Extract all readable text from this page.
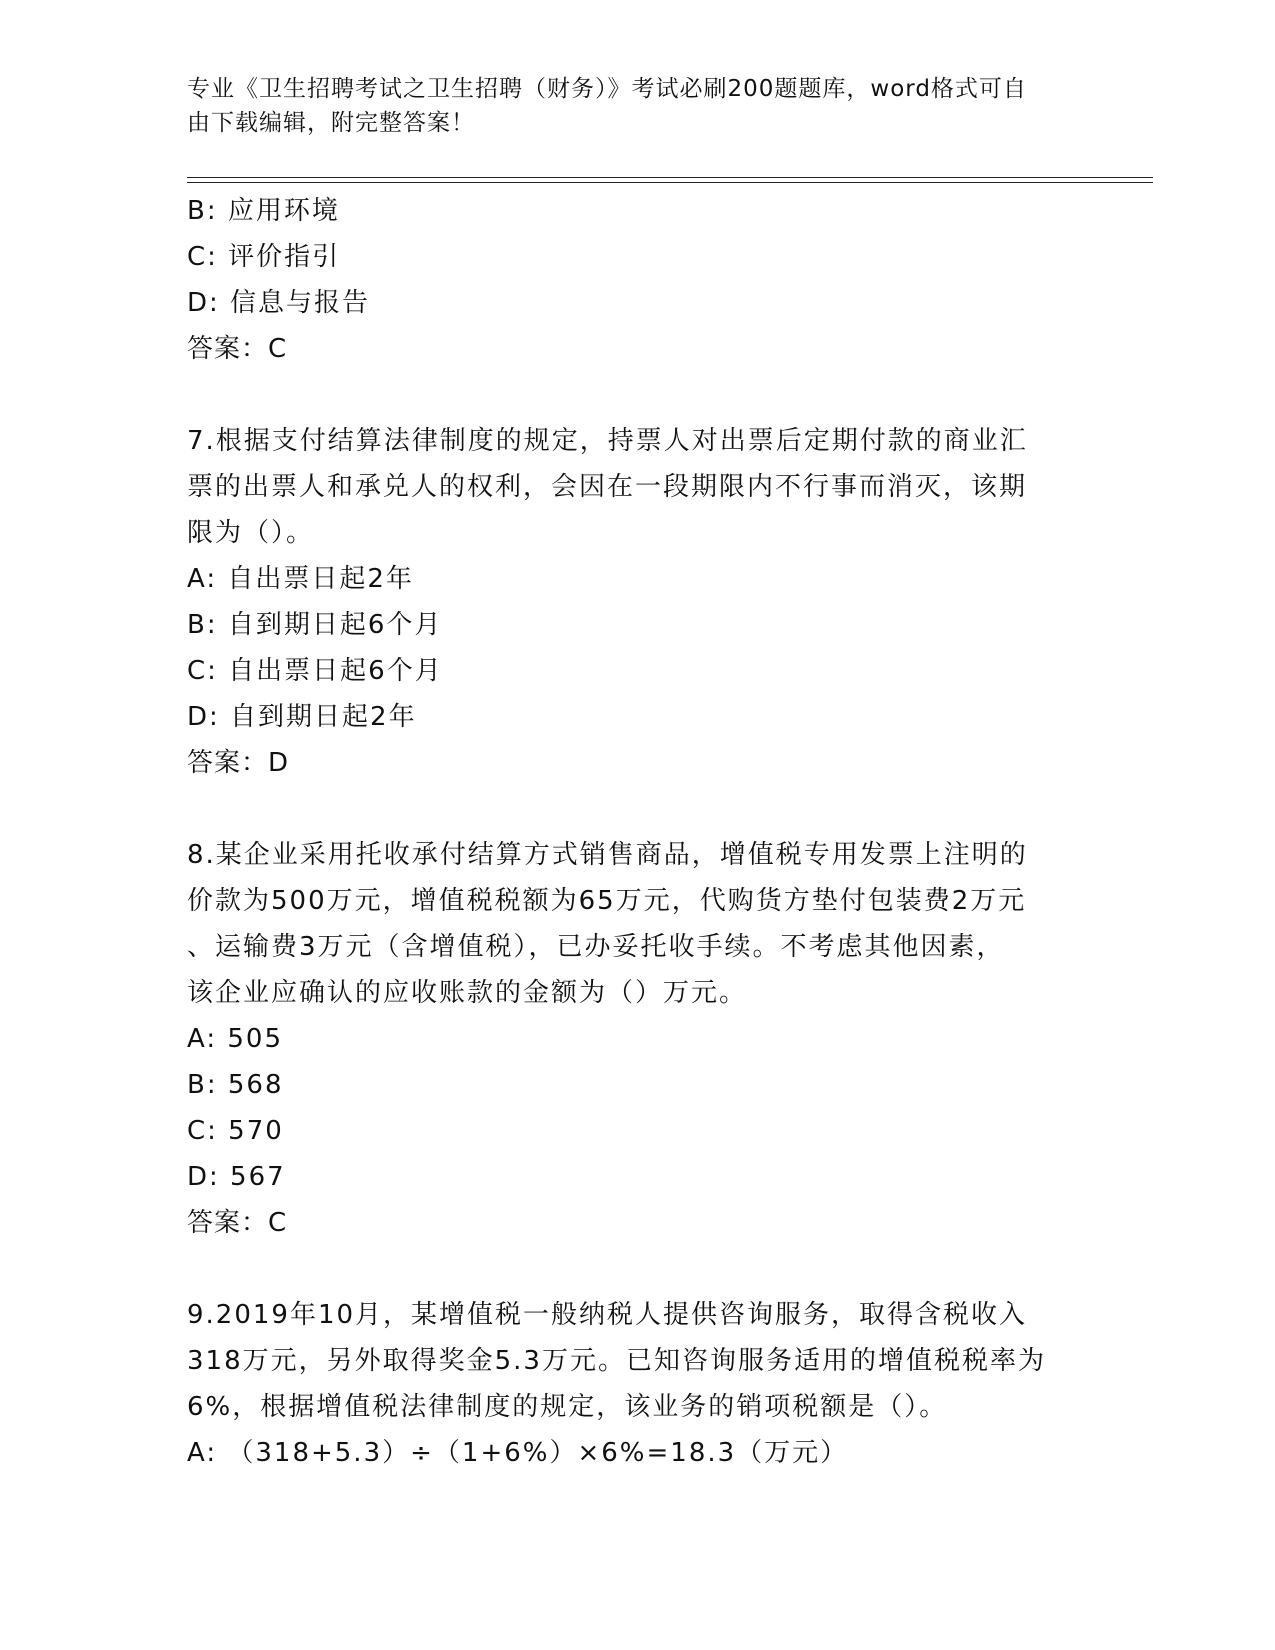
专业《卫生招聘考试之卫生招聘（财务）》考试必刷200题题库，word格式可自
由下载编辑，附完整答案！
B: 应用环境
C: 评价指引
D: 信息与报告
答案：C
7.根据支付结算法律制度的规定，持票人对出票后定期付款的商业汇
票的出票人和承兑人的权利，会因在一段期限内不行事而消灭，该期
限为（）。
A: 自出票日起2年
B: 自到期日起6个月
C: 自出票日起6个月
D: 自到期日起2年
答案：D
8.某企业采用托收承付结算方式销售商品，增值税专用发票上注明的
价款为500万元，增值税税额为65万元，代购货方垫付包装费2万元
、运输费3万元（含增值税），已办妥托收手续。不考虑其他因素，
该企业应确认的应收账款的金额为（）万元。
A: 505
B: 568
C: 570
D: 567
答案：C
9.2019年10月，某增值税一般纳税人提供咨询服务，取得含税收入
318万元，另外取得奖金5.3万元。已知咨询服务适用的增值税税率为
6%，根据增值税法律制度的规定，该业务的销项税额是（）。
A: （318+5.3）÷（1+6%）×6%=18.3（万元）
